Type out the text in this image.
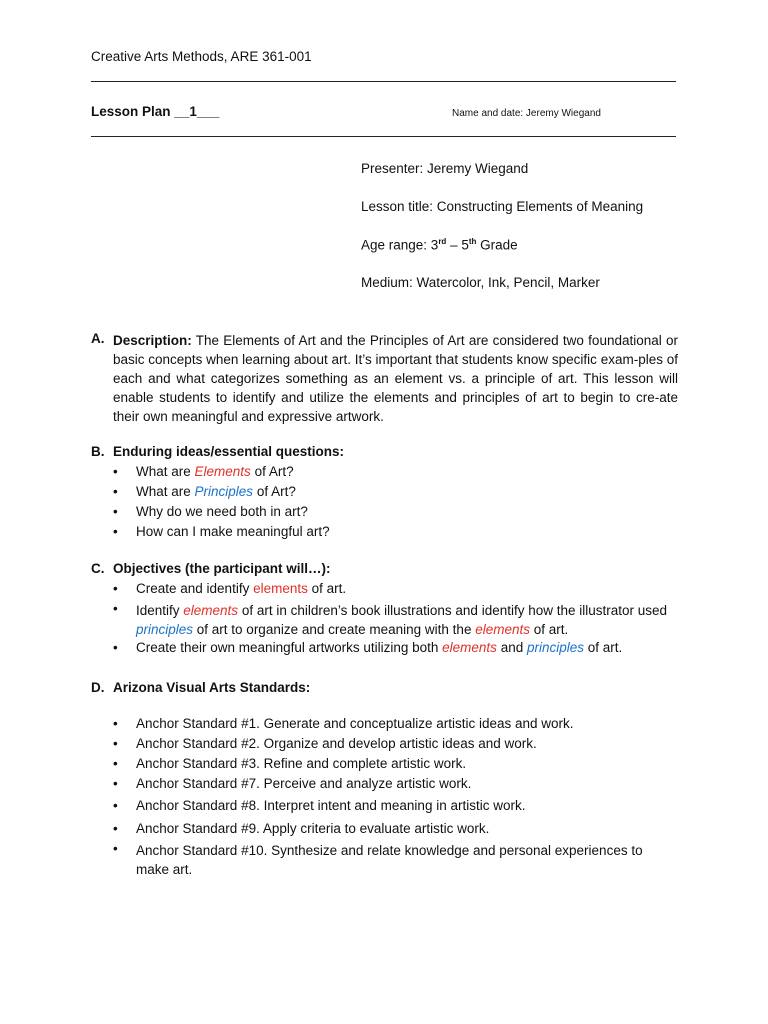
Creative Arts Methods, ARE 361-001
Lesson Plan __1___	Name and date: Jeremy Wiegand
Presenter: Jeremy Wiegand
Lesson title: Constructing Elements of Meaning
Age range: 3rd – 5th Grade
Medium: Watercolor, Ink, Pencil, Marker
A. Description: The Elements of Art and the Principles of Art are considered two foundational or basic concepts when learning about art. It’s important that students know specific exam-ples of each and what categorizes something as an element vs. a principle of art. This lesson will enable students to identify and utilize the elements and principles of art to begin to cre-ate their own meaningful and expressive artwork.
B. Enduring ideas/essential questions:
• What are Elements of Art?
• What are Principles of Art?
• Why do we need both in art?
• How can I make meaningful art?
C. Objectives (the participant will…):
• Create and identify elements of art.
• Identify elements of art in children’s book illustrations and identify how the illustrator used principles of art to organize and create meaning with the elements of art.
• Create their own meaningful artworks utilizing both elements and principles of art.
D. Arizona Visual Arts Standards:
• Anchor Standard #1. Generate and conceptualize artistic ideas and work.
• Anchor Standard #2. Organize and develop artistic ideas and work.
• Anchor Standard #3. Refine and complete artistic work.
• Anchor Standard #7. Perceive and analyze artistic work.
• Anchor Standard #8. Interpret intent and meaning in artistic work.
• Anchor Standard #9. Apply criteria to evaluate artistic work.
• Anchor Standard #10. Synthesize and relate knowledge and personal experiences to make art.
